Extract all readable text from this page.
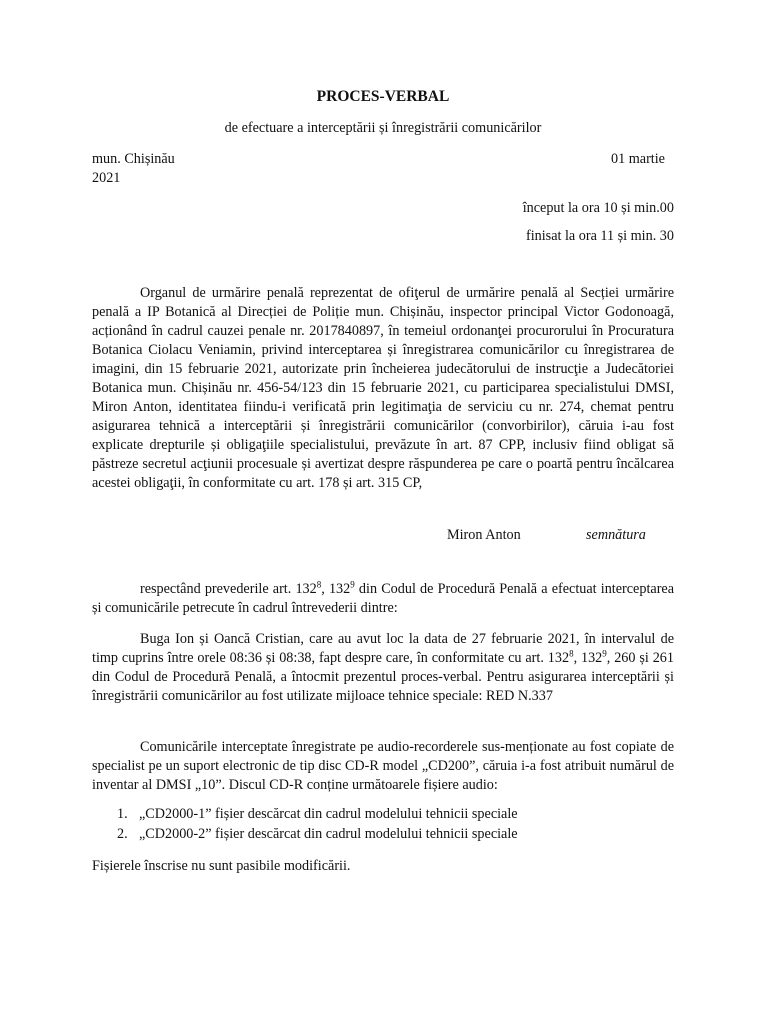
PROCES-VERBAL
de efectuare a interceptării și înregistrării comunicărilor
mun. Chișinău	01 martie
2021
început la ora 10 și min.00
finisat la ora 11 și min. 30

Organul de urmărire penală reprezentat de ofiţerul de urmărire penală al Secției urmărire penală a IP Botanică al Direcției de Poliție mun. Chișinău, inspector principal Victor Godonoagă, acționând în cadrul cauzei penale nr. 2017840897, în temeiul ordonanţei procurorului în Procuratura Botanica Ciolacu Veniamin, privind interceptarea și înregistrarea comunicărilor cu înregistrarea de imagini, din 15 februarie 2021, autorizate prin încheierea judecătorului de instrucţie a Judecătoriei Botanica mun. Chișinău nr. 456-54/123 din 15 februarie 2021, cu participarea specialistului DMSI, Miron Anton, identitatea fiindu-i verificată prin legitimaţia de serviciu cu nr. 274, chemat pentru asigurarea tehnică a interceptării și înregistrării comunicărilor (convorbirilor), căruia i-au fost explicate drepturile și obligaţiile specialistului, prevăzute în art. 87 CPP, inclusiv fiind obligat să păstreze secretul acţiunii procesuale și avertizat despre răspunderea pe care o poartă pentru încălcarea acestei obligaţii, în conformitate cu art. 178 și art. 315 CP,

Miron Anton	semnătura

respectând prevederile art. $132^8$, $132^9$ din Codul de Procedură Penală a efectuat interceptarea și comunicările petrecute în cadrul întrevederii dintre:

Buga Ion și Oancă Cristian, care au avut loc la data de 27 februarie 2021, în intervalul de timp cuprins între orele 08:36 și 08:38, fapt despre care, în conformitate cu art. $132^8$, $132^9$, 260 și 261 din Codul de Procedură Penală, a întocmit prezentul proces-verbal. Pentru asigurarea interceptării și înregistrării comunicărilor au fost utilizate mijloace tehnice speciale: RED N.337

Comunicările interceptate înregistrate pe audio-recorderele sus-menționate au fost copiate de specialist pe un suport electronic de tip disc CD-R model „CD200”, căruia i-a fost atribuit numărul de inventar al DMSI „10”. Discul CD-R conține următoarele fișiere audio:

1. „CD2000-1” fișier descărcat din cadrul modelului tehnicii speciale
2. „CD2000-2” fișier descărcat din cadrul modelului tehnicii speciale
Fișierele înscrise nu sunt pasibile modificării.
